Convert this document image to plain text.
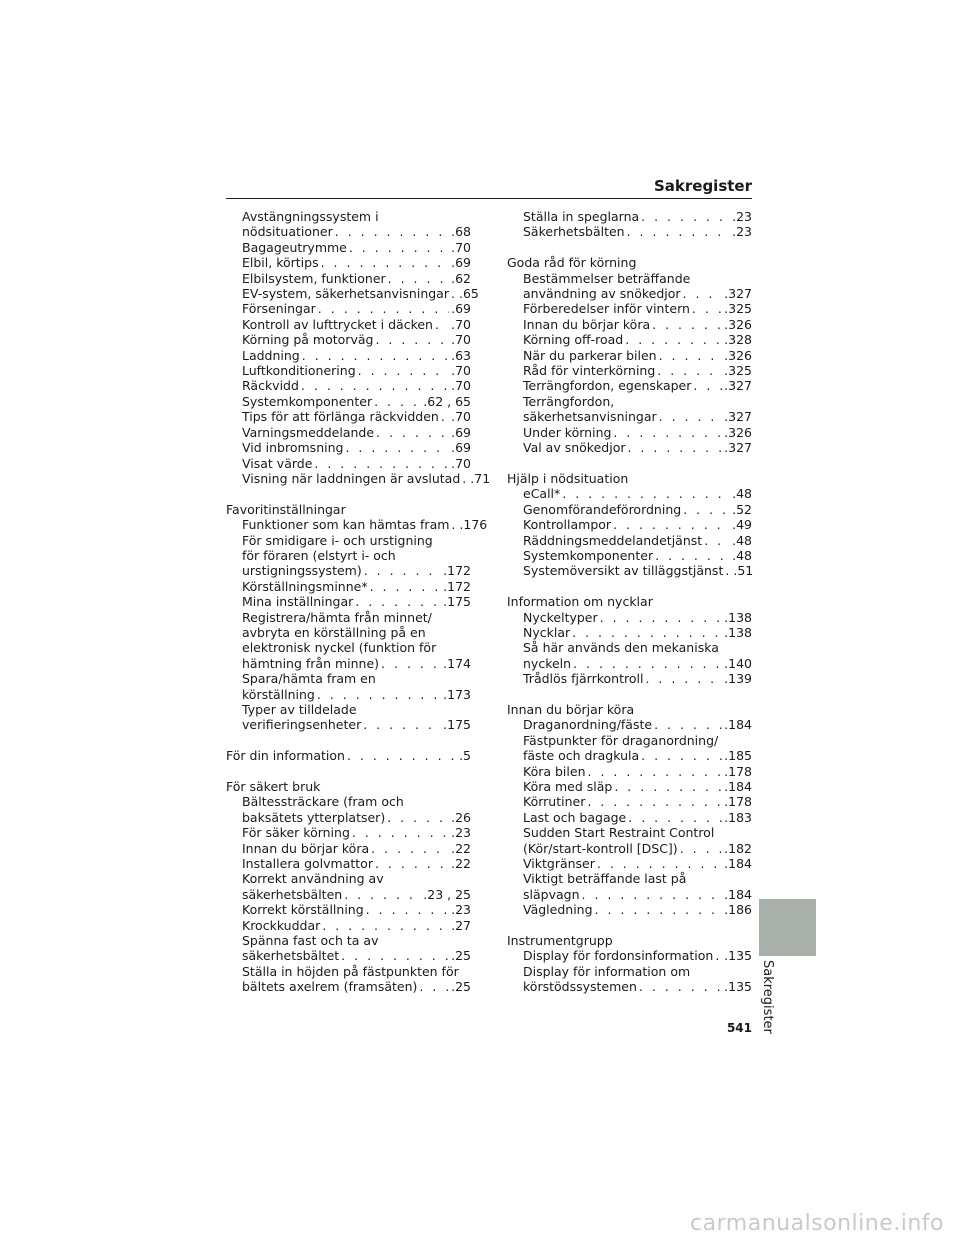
Sakregister
Avstängningssystem i
nödsituationer . . .	.68
Bagageutrymme . . .	.70
Elbil, körtips . . .	.69
Elbilsystem, funktioner . . .	.62
EV-system, säkerhetsanvisningar . . . .65
Förseningar . . .	.69
Kontroll av lufttrycket i däcken . . . .70
Körning på motorväg . . .	.70
Laddning . . .	.63
Luftkonditionering . . .	.70
Räckvidd . . .	.70
Systemkomponenter . . .	.62 , 65
Tips för att förlänga räckvidden . . . .70
Varningsmeddelande . . .	.69
Vid inbromsning . . .	.69
Visat värde . . .	.70
Visning när laddningen är avslutad . . . .71
Favoritinställningar
Funktioner som kan hämtas fram . . . .176
För smidigare i- och urstigning
för föraren (elstyrt i- och
urstigningssystem) . . .	.172
Körställningsminne* . . .	.172
Mina inställningar . . .	.175
Registrera/hämta från minnet/
avbryta en körställning på en
elektronisk nyckel (funktion för
hämtning från minne) . . .	.174
Spara/hämta fram en
körställning . . .	.173
Typer av tilldelade
verifieringsenheter . . .	.175
För din information . . .	.5
För säkert bruk
Bältessträckare (fram och
baksätets ytterplatser) . . .	.26
För säker körning . . .	.23
Innan du börjar köra . . .	.22
Installera golvmattor . . .	.22
Korrekt användning av
säkerhetsbälten . . .	.23 , 25
Korrekt körställning . . .	.23
Krockkuddar . . .	.27
Spänna fast och ta av
säkerhetsbältet . . .	.25
Ställa in höjden på fästpunkten för
bältets axelrem (framsäten) . . .	.25
Ställa in speglarna . . .	.23
Säkerhetsbälten . . .	.23
Goda råd för körning
Bestämmelser beträffande
användning av snökedjor . . .	.327
Förberedelser inför vintern . . .	.325
Innan du börjar köra . . .	.326
Körning off-road . . .	.328
När du parkerar bilen . . .	.326
Råd för vinterkörning . . .	.325
Terrängfordon, egenskaper . . .	.327
Terrängfordon,
säkerhetsanvisningar . . .	.327
Under körning . . .	.326
Val av snökedjor . . .	.327
Hjälp i nödsituation
eCall* . . .	.48
Genomförandeförordning . . .	.52
Kontrollampor . . .	.49
Räddningsmeddelandetjänst . . . .48
Systemkomponenter . . .	.48
Systemöversikt av tilläggstjänst . . . .51
Information om nycklar
Nyckeltyper . . .	.138
Nycklar . . .	.138
Så här används den mekaniska
nyckeln . . .	.140
Trådlös fjärrkontroll . . .	.139
Innan du börjar köra
Draganordning/fäste . . .	.184
Fästpunkter för draganordning/
fäste och dragkula . . .	.185
Köra bilen . . .	.178
Köra med släp . . .	.184
Körrutiner . . .	.178
Last och bagage . . .	.183
Sudden Start Restraint Control
(Kör/start-kontroll [DSC]) . . .	.182
Viktgränser . . .	.184
Viktigt beträffande last på
släpvagn . . .	.184
Vägledning . . .	.186
Instrumentgrupp
Display för fordonsinformation . . . .135
Display för information om
körstödssystemen . . .	.135 Sakregister
541
carmanualsonline.info
